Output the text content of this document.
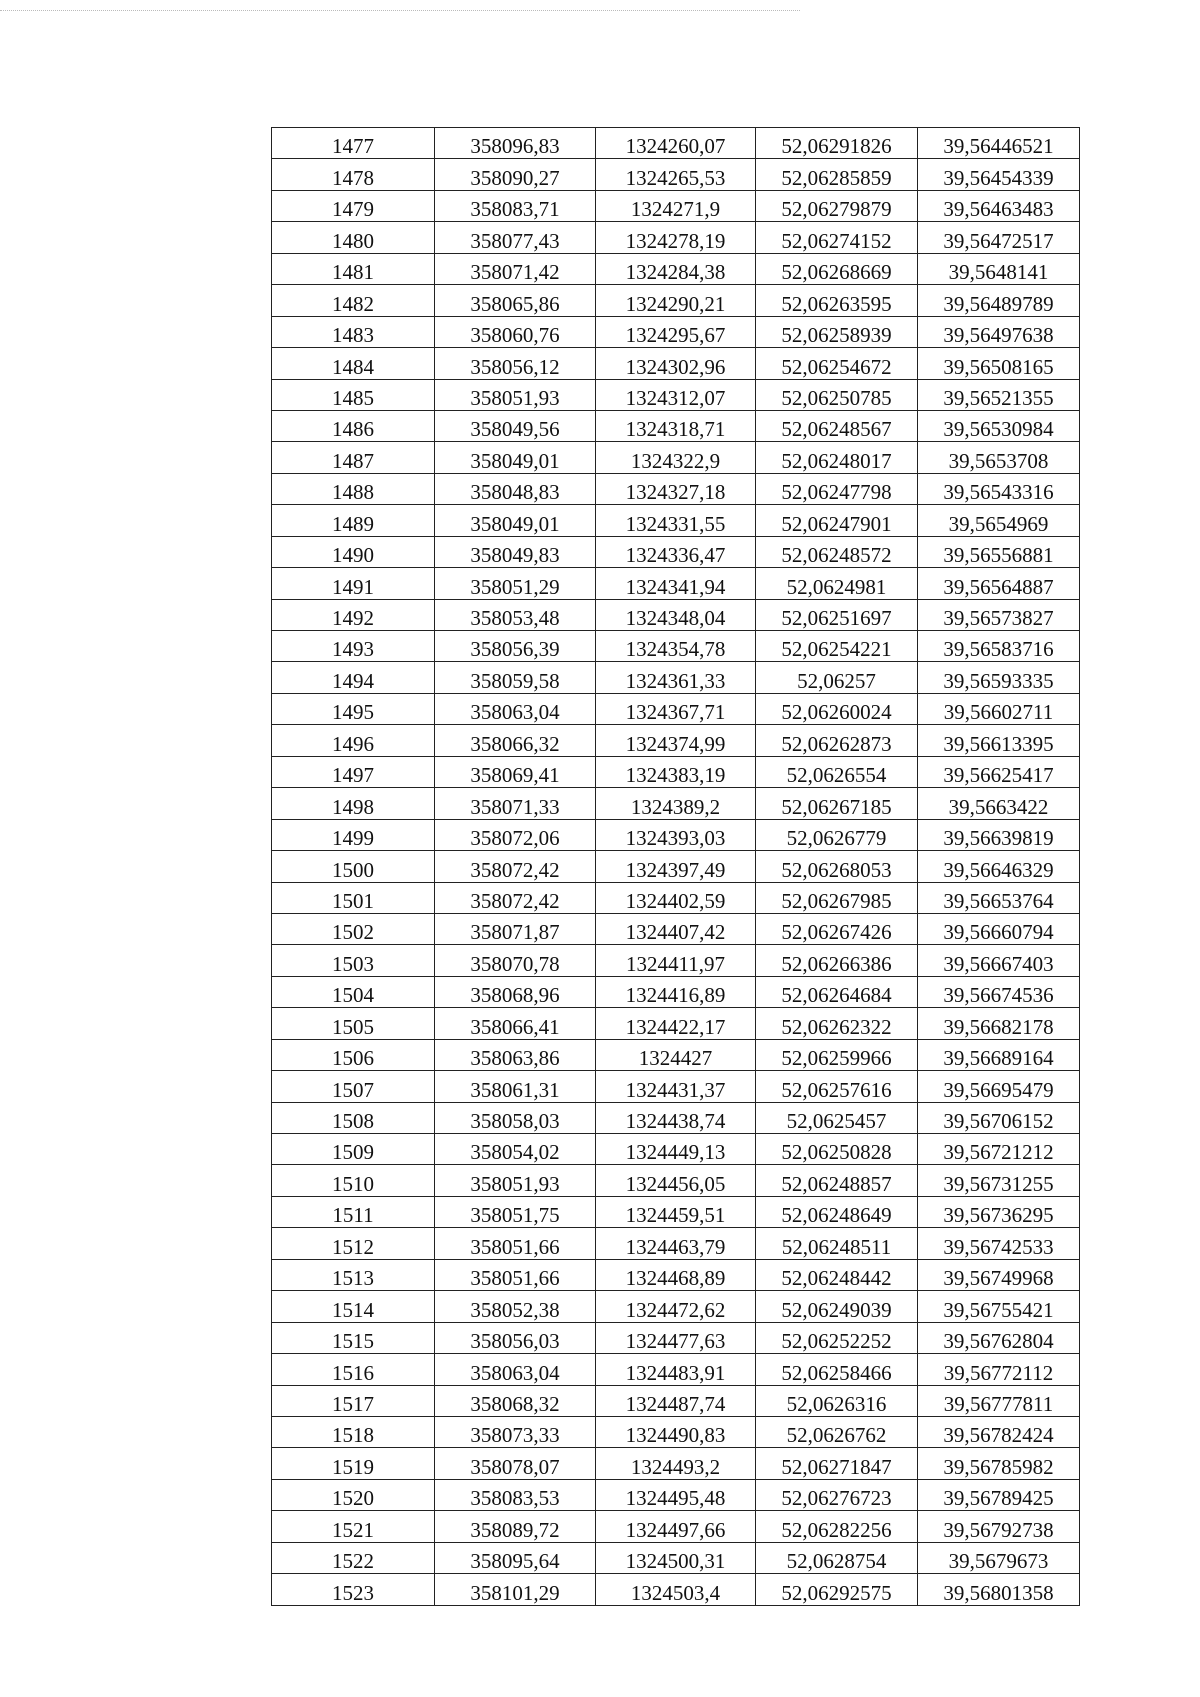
1477	358096,83	1324260,07	52,06291826	39,56446521
1478	358090,27	1324265,53	52,06285859	39,56454339
1479	358083,71	1324271,9	52,06279879	39,56463483
1480	358077,43	1324278,19	52,06274152	39,56472517
1481	358071,42	1324284,38	52,06268669	39,5648141
1482	358065,86	1324290,21	52,06263595	39,56489789
1483	358060,76	1324295,67	52,06258939	39,56497638
1484	358056,12	1324302,96	52,06254672	39,56508165
1485	358051,93	1324312,07	52,06250785	39,56521355
1486	358049,56	1324318,71	52,06248567	39,56530984
1487	358049,01	1324322,9	52,06248017	39,5653708
1488	358048,83	1324327,18	52,06247798	39,56543316
1489	358049,01	1324331,55	52,06247901	39,5654969
1490	358049,83	1324336,47	52,06248572	39,56556881
1491	358051,29	1324341,94	52,0624981	39,56564887
1492	358053,48	1324348,04	52,06251697	39,56573827
1493	358056,39	1324354,78	52,06254221	39,56583716
1494	358059,58	1324361,33	52,06257	39,56593335
1495	358063,04	1324367,71	52,06260024	39,56602711
1496	358066,32	1324374,99	52,06262873	39,56613395
1497	358069,41	1324383,19	52,0626554	39,56625417
1498	358071,33	1324389,2	52,06267185	39,5663422
1499	358072,06	1324393,03	52,0626779	39,56639819
1500	358072,42	1324397,49	52,06268053	39,56646329
1501	358072,42	1324402,59	52,06267985	39,56653764
1502	358071,87	1324407,42	52,06267426	39,56660794
1503	358070,78	1324411,97	52,06266386	39,56667403
1504	358068,96	1324416,89	52,06264684	39,56674536
1505	358066,41	1324422,17	52,06262322	39,56682178
1506	358063,86	1324427	52,06259966	39,56689164
1507	358061,31	1324431,37	52,06257616	39,56695479
1508	358058,03	1324438,74	52,0625457	39,56706152
1509	358054,02	1324449,13	52,06250828	39,56721212
1510	358051,93	1324456,05	52,06248857	39,56731255
1511	358051,75	1324459,51	52,06248649	39,56736295
1512	358051,66	1324463,79	52,06248511	39,56742533
1513	358051,66	1324468,89	52,06248442	39,56749968
1514	358052,38	1324472,62	52,06249039	39,56755421
1515	358056,03	1324477,63	52,06252252	39,56762804
1516	358063,04	1324483,91	52,06258466	39,56772112
1517	358068,32	1324487,74	52,0626316	39,56777811
1518	358073,33	1324490,83	52,0626762	39,56782424
1519	358078,07	1324493,2	52,06271847	39,56785982
1520	358083,53	1324495,48	52,06276723	39,56789425
1521	358089,72	1324497,66	52,06282256	39,56792738
1522	358095,64	1324500,31	52,0628754	39,5679673
1523	358101,29	1324503,4	52,06292575	39,56801358
